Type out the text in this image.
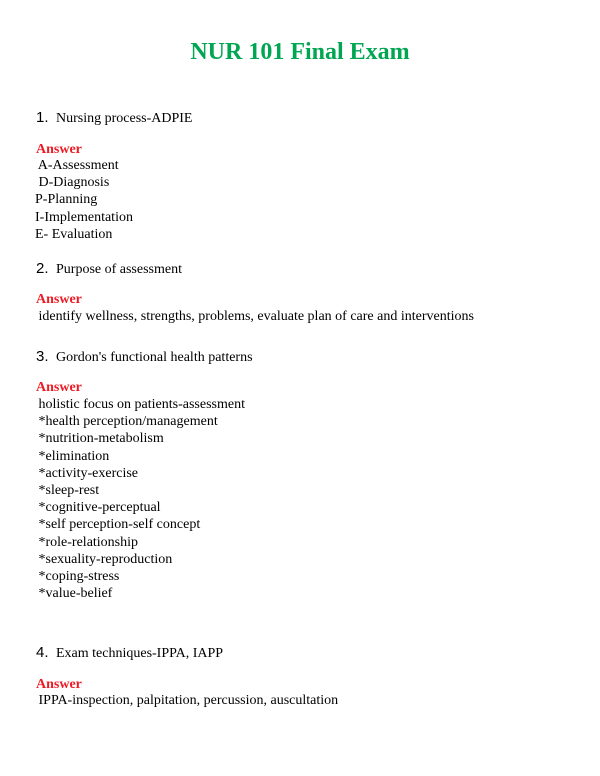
NUR 101 Final Exam
1. Nursing process-ADPIE
Answer
A-Assessment
D-Diagnosis
P-Planning
I-Implementation
E- Evaluation
2. Purpose of assessment
Answer
identify wellness, strengths, problems, evaluate plan of care and interventions
3. Gordon's functional health patterns
Answer
holistic focus on patients-assessment
*health perception/management
*nutrition-metabolism
*elimination
*activity-exercise
*sleep-rest
*cognitive-perceptual
*self perception-self concept
*role-relationship
*sexuality-reproduction
*coping-stress
*value-belief
4. Exam techniques-IPPA, IAPP
Answer
IPPA-inspection, palpitation, percussion, auscultation
